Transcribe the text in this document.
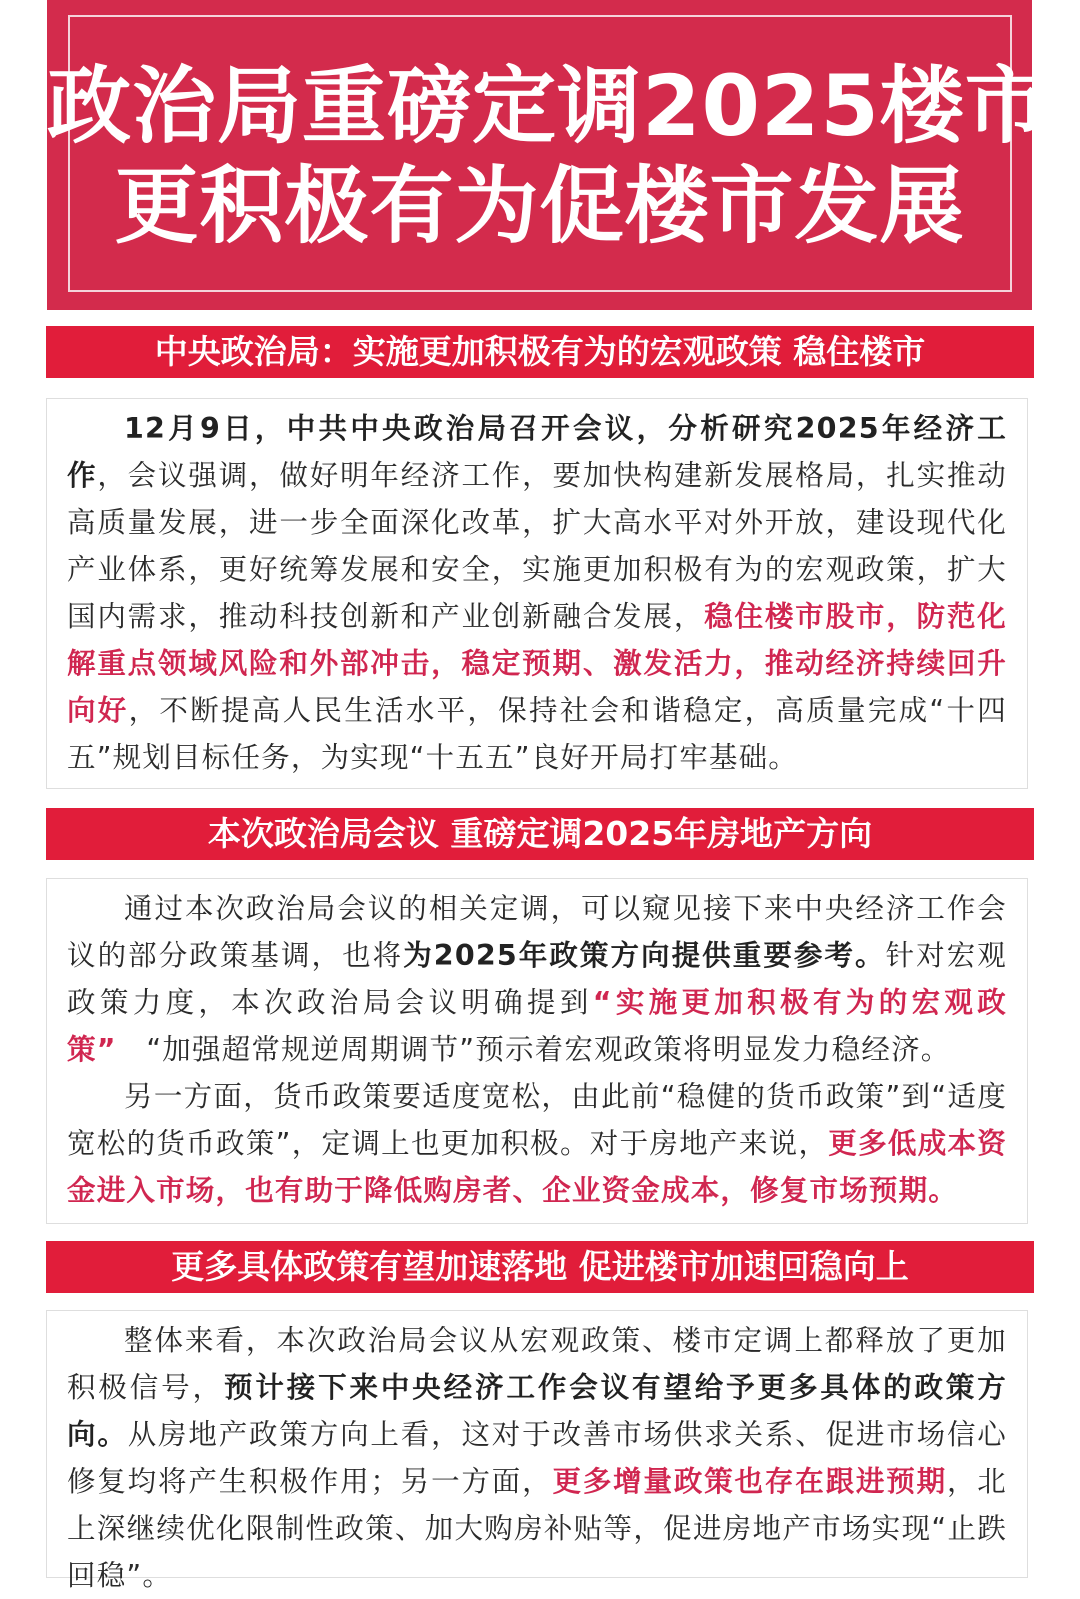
政治局重磅定调2025楼市
更积极有为促楼市发展
中央政治局：实施更加积极有为的宏观政策 稳住楼市

12月9日，中共中央政治局召开会议，分析研究2025年经济工作，会议强调，做好明年经济工作，要加快构建新发展格局，扎实推动高质量发展，进一步全面深化改革，扩大高水平对外开放，建设现代化产业体系，更好统筹发展和安全，实施更加积极有为的宏观政策，扩大国内需求，推动科技创新和产业创新融合发展，稳住楼市股市，防范化解重点领域风险和外部冲击，稳定预期、激发活力，推动经济持续回升向好，不断提高人民生活水平，保持社会和谐稳定，高质量完成“十四五”规划目标任务，为实现“十五五”良好开局打牢基础。

本次政治局会议 重磅定调2025年房地产方向

通过本次政治局会议的相关定调，可以窥见接下来中央经济工作会议的部分政策基调，也将为2025年政策方向提供重要参考。针对宏观政策力度，本次政治局会议明确提到“实施更加积极有为的宏观政策”　“加强超常规逆周期调节”预示着宏观政策将明显发力稳经济。

另一方面，货币政策要适度宽松，由此前“稳健的货币政策”到“适度宽松的货币政策”，定调上也更加积极。对于房地产来说，更多低成本资金进入市场，也有助于降低购房者、企业资金成本，修复市场预期。

更多具体政策有望加速落地 促进楼市加速回稳向上

整体来看，本次政治局会议从宏观政策、楼市定调上都释放了更加积极信号，预计接下来中央经济工作会议有望给予更多具体的政策方向。从房地产政策方向上看，这对于改善市场供求关系、促进市场信心修复均将产生积极作用；另一方面，更多增量政策也存在跟进预期，北上深继续优化限制性政策、加大购房补贴等，促进房地产市场实现“止跌回稳”。
